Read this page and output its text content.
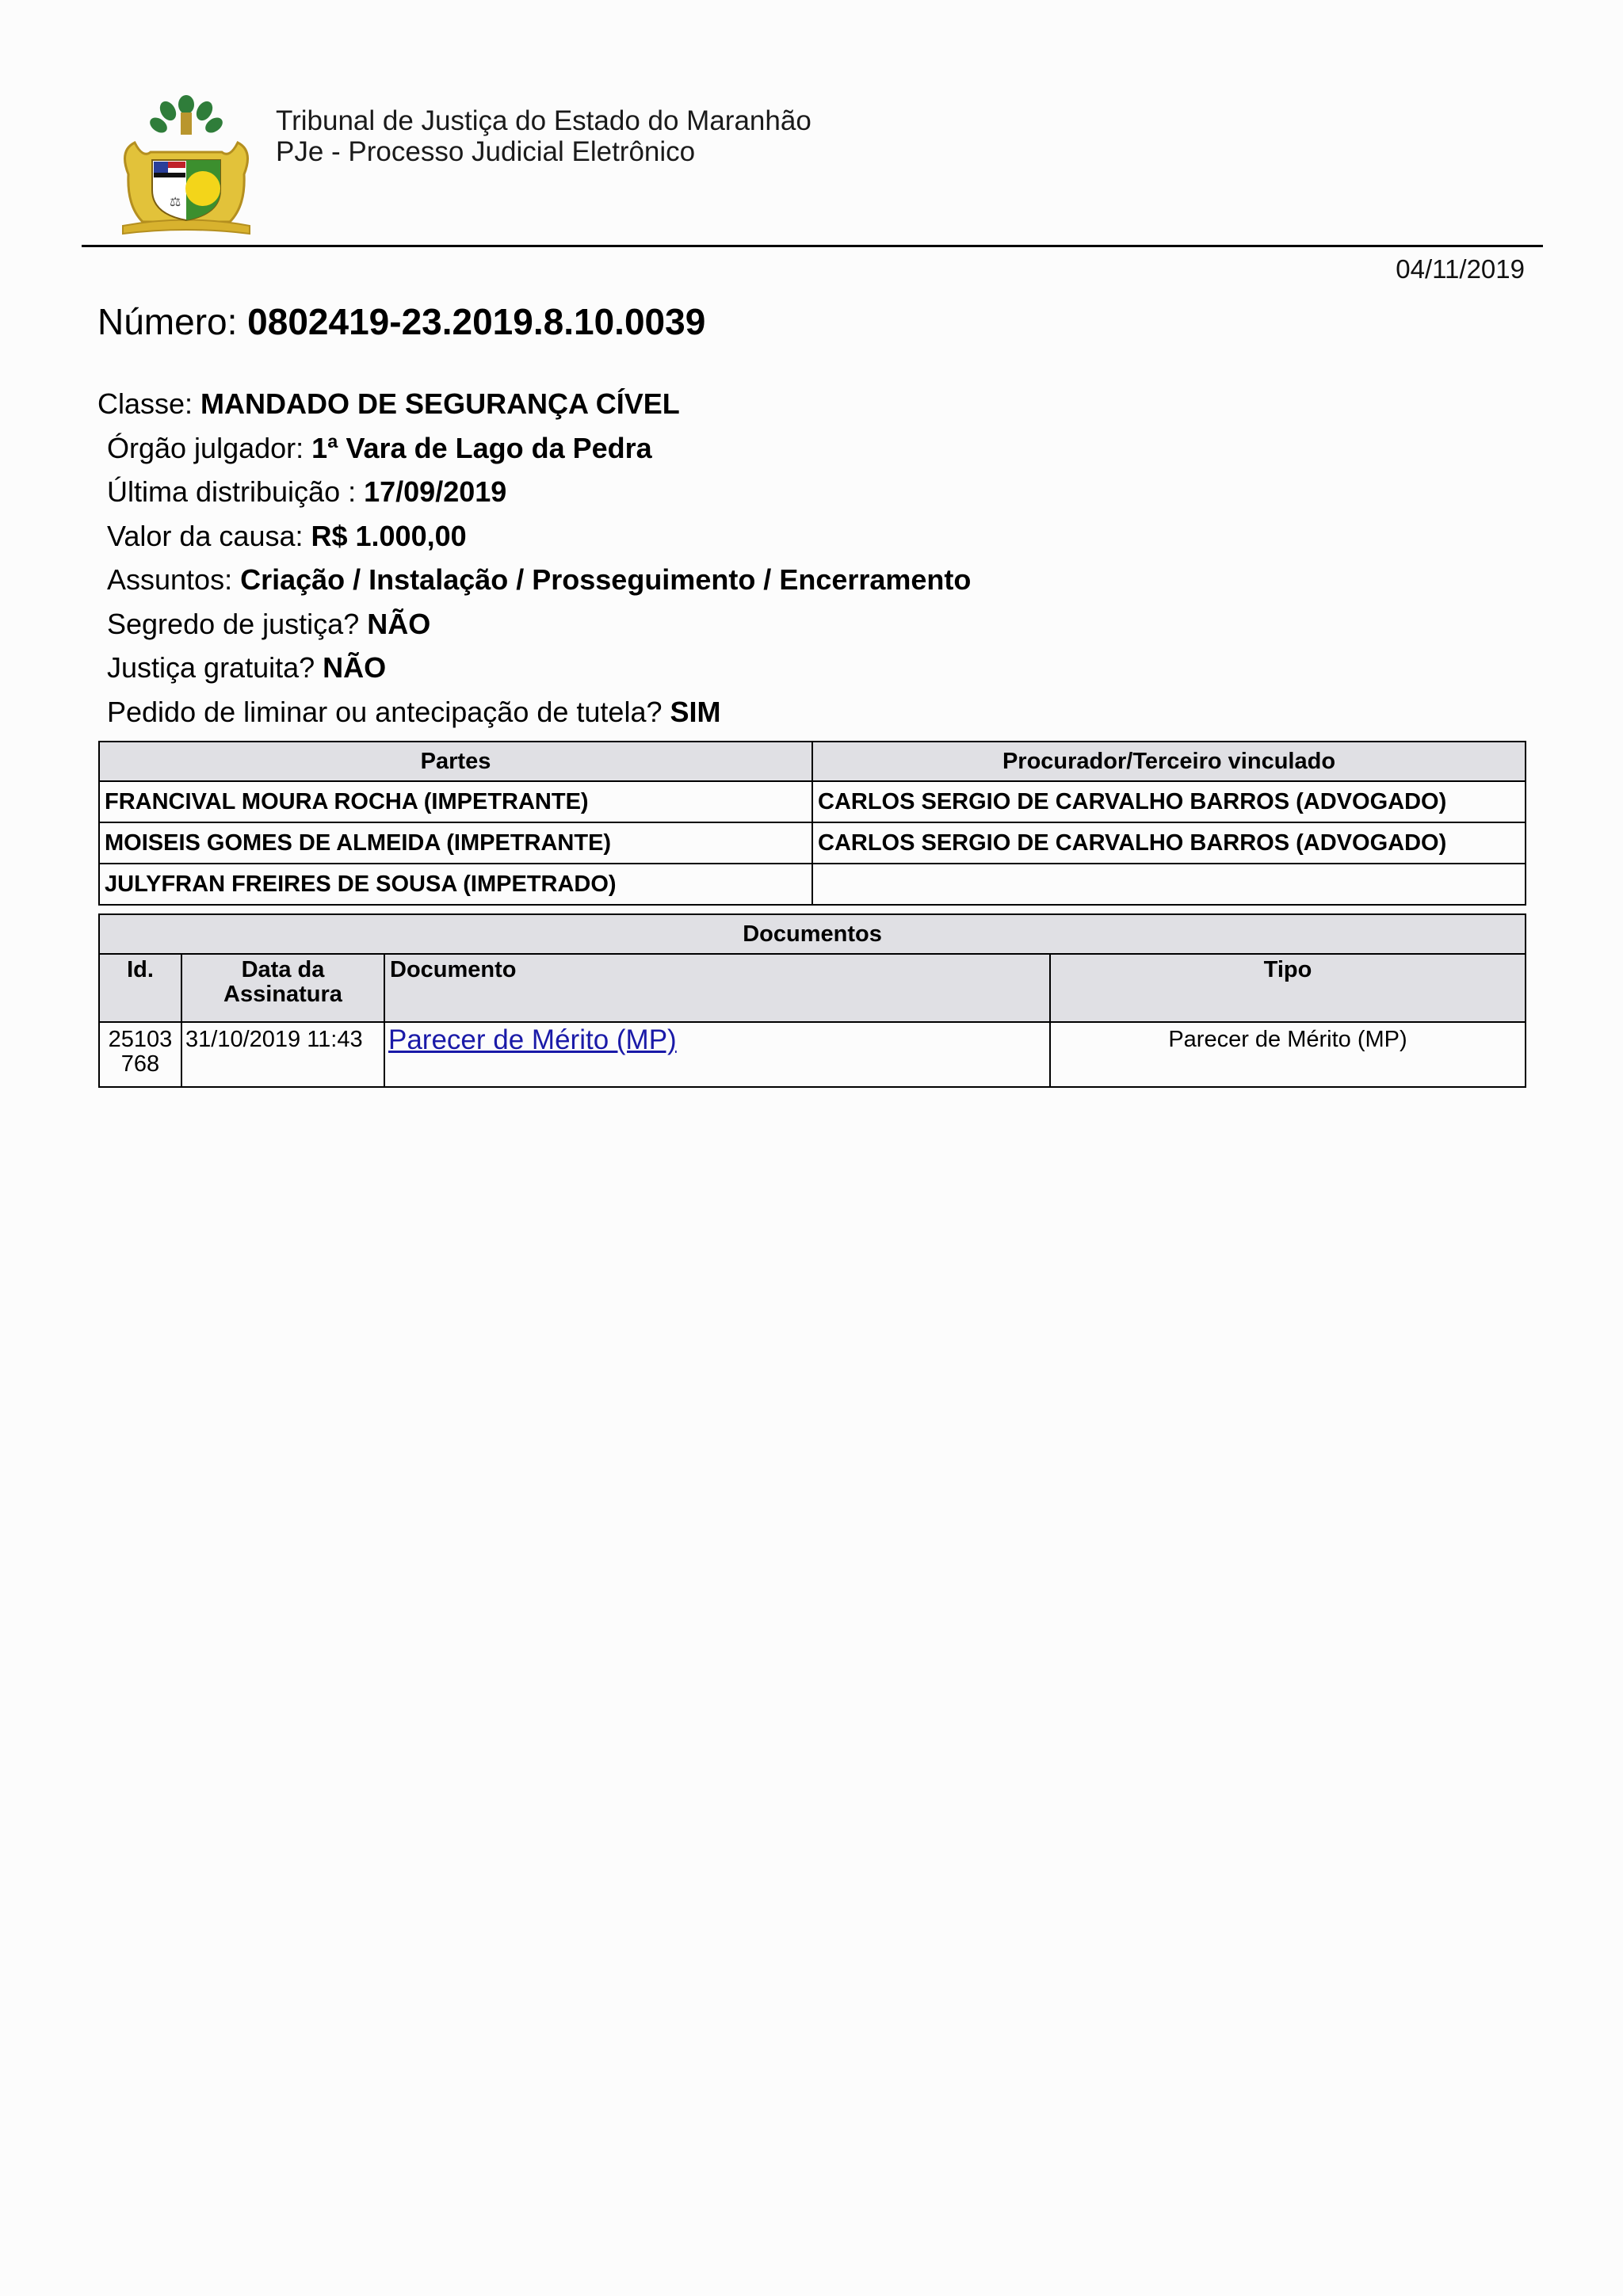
⚖
Tribunal de Justiça do Estado do Maranhão
PJe - Processo Judicial Eletrônico
04/11/2019
Número: 0802419-23.2019.8.10.0039
Classe: MANDADO DE SEGURANÇA CÍVEL
Órgão julgador: 1ª Vara de Lago da Pedra
Última distribuição : 17/09/2019
Valor da causa: R$ 1.000,00
Assuntos: Criação / Instalação / Prosseguimento / Encerramento
Segredo de justiça? NÃO
Justiça gratuita? NÃO
Pedido de liminar ou antecipação de tutela? SIM
Partes	Procurador/Terceiro vinculado
FRANCIVAL MOURA ROCHA (IMPETRANTE)	CARLOS SERGIO DE CARVALHO BARROS (ADVOGADO)
MOISEIS GOMES DE ALMEIDA (IMPETRANTE)	CARLOS SERGIO DE CARVALHO BARROS (ADVOGADO)
JULYFRAN FREIRES DE SOUSA (IMPETRADO)	
Documentos			
Id.	Data da Assinatura	Documento	Tipo
25103768	31/10/2019 11:43	Parecer de Mérito (MP)	Parecer de Mérito (MP)
